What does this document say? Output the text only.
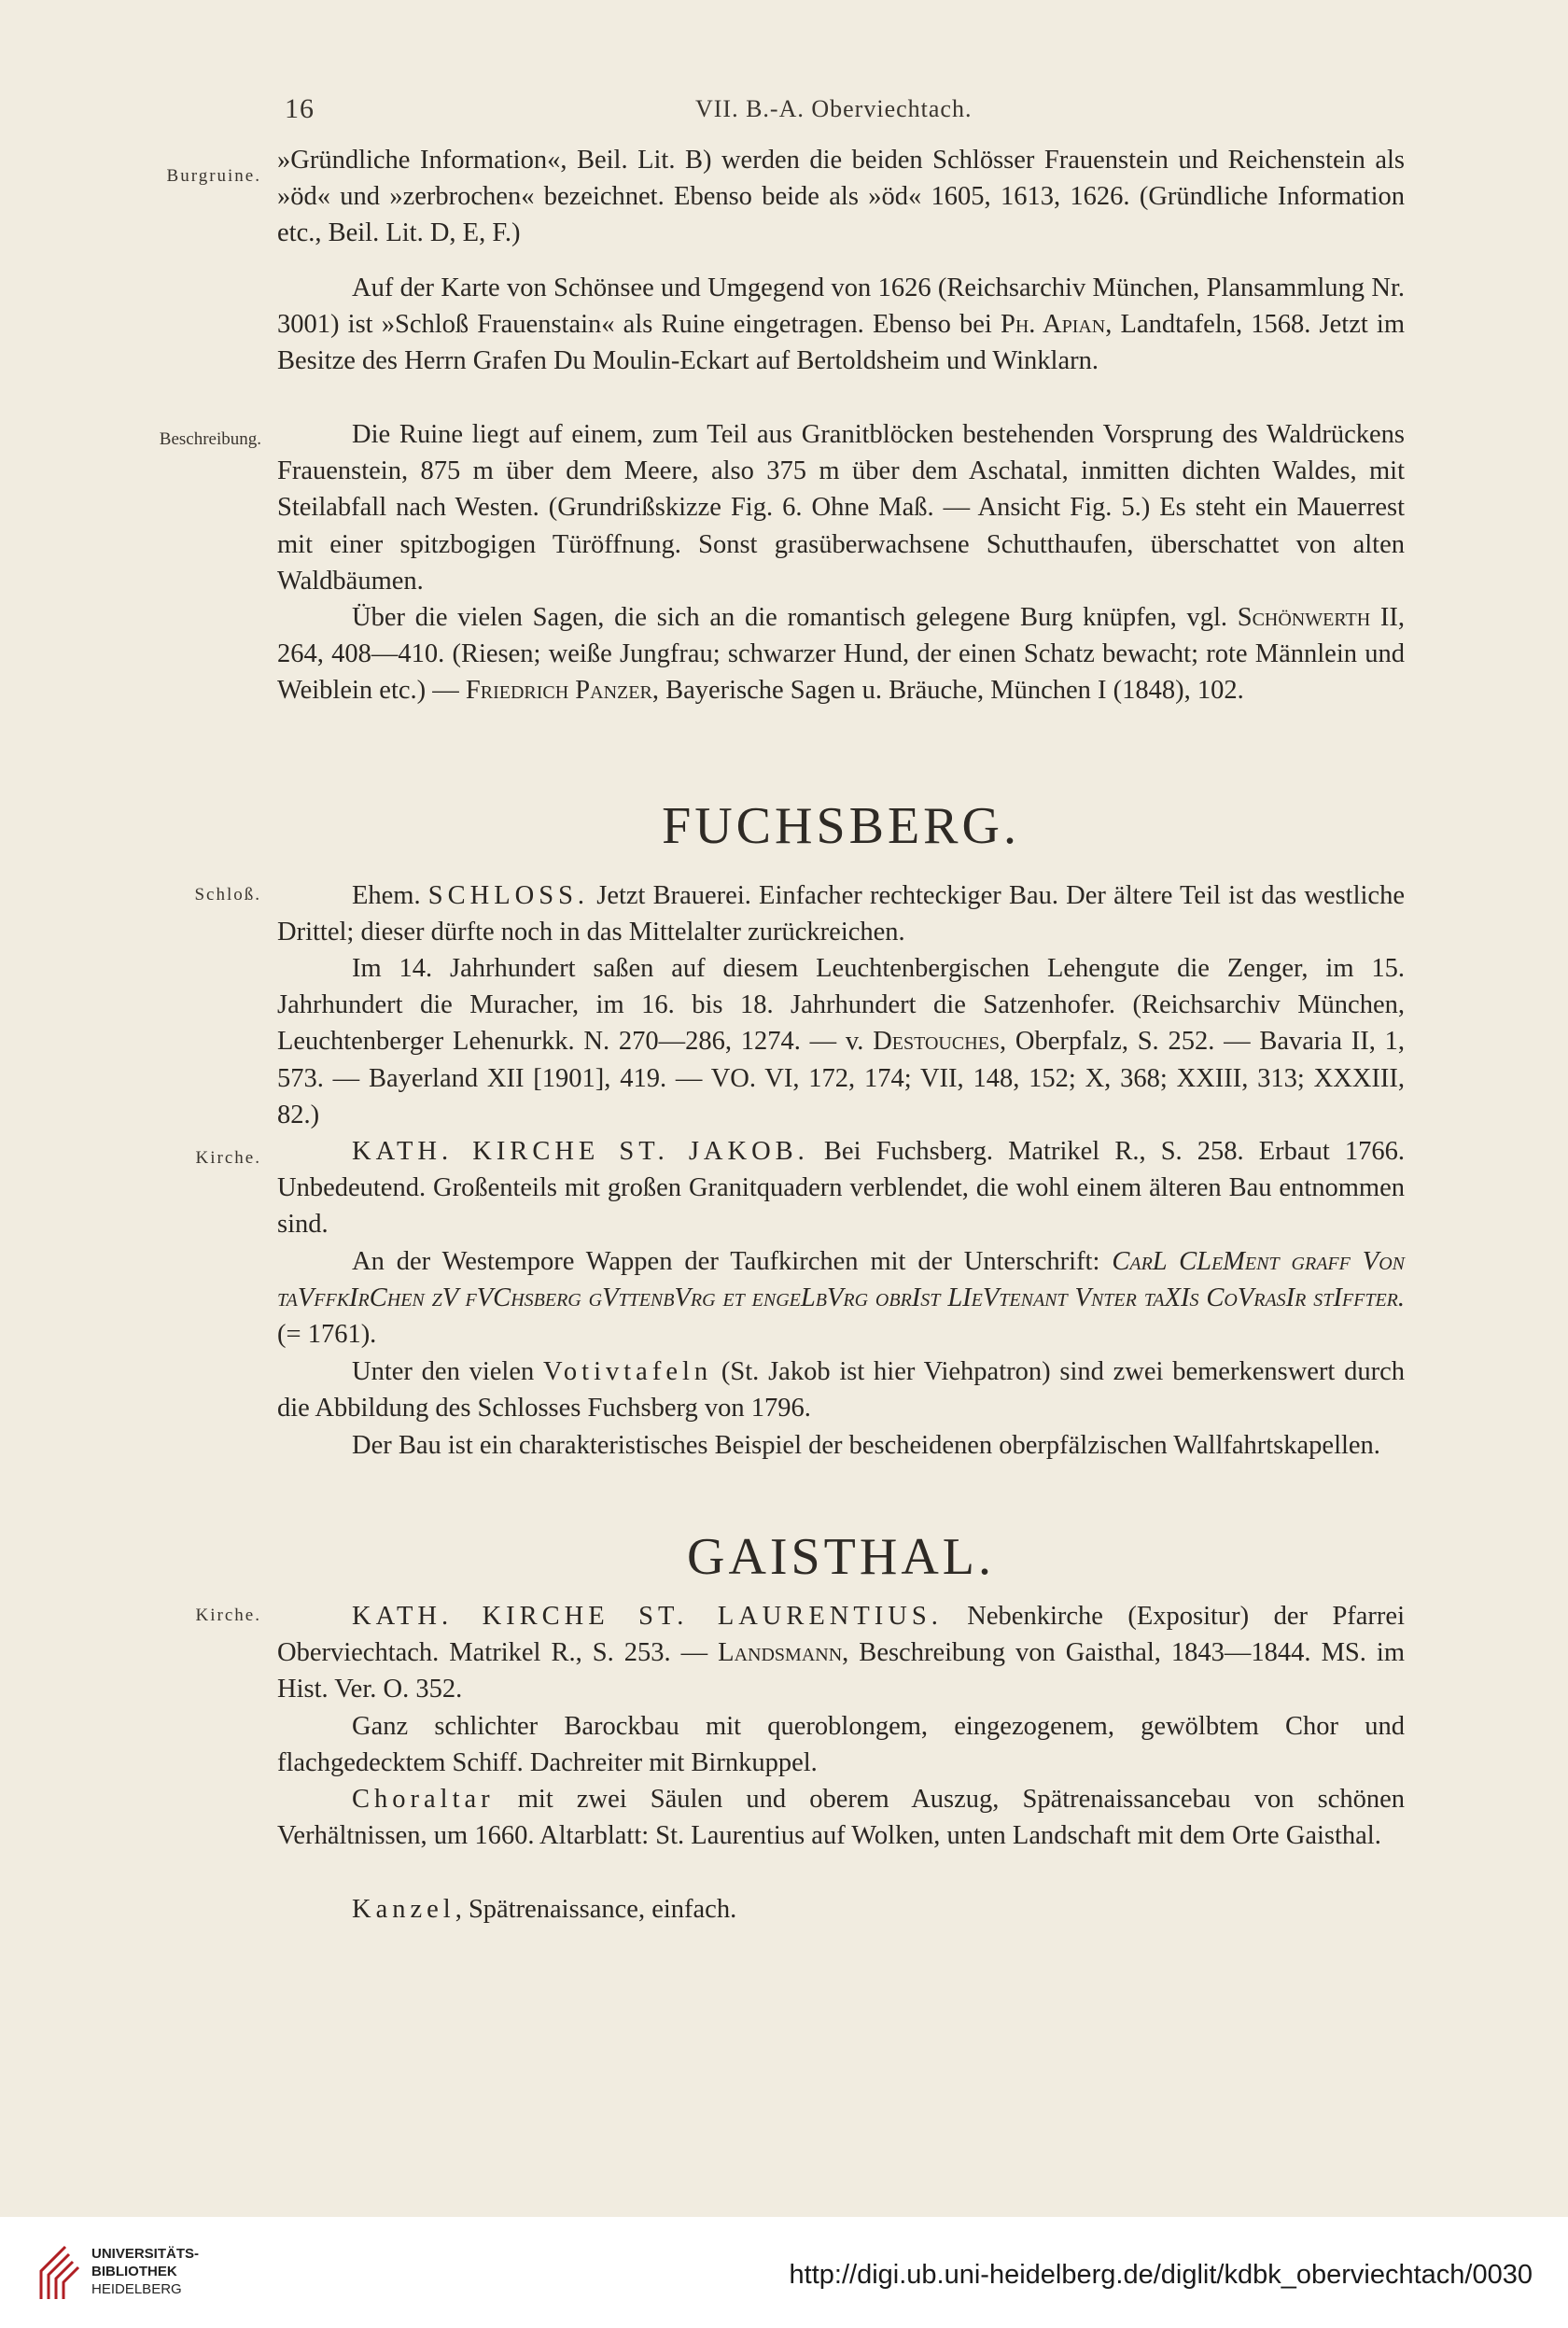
16	VII. B.-A. Oberviechtach.
Burgruine.
Beschreibung.
Schloß.
Kirche.
Kirche.

»Gründliche Information«, Beil. Lit. B) werden die beiden Schlösser Frauenstein und Reichenstein als »öd« und »zerbrochen« bezeichnet. Ebenso beide als »öd« 1605, 1613, 1626. (Gründliche Information etc., Beil. Lit. D, E, F.)

Auf der Karte von Schönsee und Umgegend von 1626 (Reichsarchiv München, Plansammlung Nr. 3001) ist »Schloß Frauenstain« als Ruine eingetragen. Ebenso bei Ph. Apian, Landtafeln, 1568. Jetzt im Besitze des Herrn Grafen Du Moulin-Eckart auf Bertoldsheim und Winklarn.

Die Ruine liegt auf einem, zum Teil aus Granitblöcken bestehenden Vorsprung des Waldrückens Frauenstein, 875 m über dem Meere, also 375 m über dem Aschatal, inmitten dichten Waldes, mit Steilabfall nach Westen. (Grundrißskizze Fig. 6. Ohne Maß. — Ansicht Fig. 5.) Es steht ein Mauerrest mit einer spitzbogigen Türöffnung. Sonst grasüberwachsene Schutthaufen, überschattet von alten Waldbäumen.

Über die vielen Sagen, die sich an die romantisch gelegene Burg knüpfen, vgl. Schönwerth II, 264, 408—410. (Riesen; weiße Jungfrau; schwarzer Hund, der einen Schatz bewacht; rote Männlein und Weiblein etc.) — Friedrich Panzer, Bayerische Sagen u. Bräuche, München I (1848), 102.

FUCHSBERG.

Ehem. SCHLOSS. Jetzt Brauerei. Einfacher rechteckiger Bau. Der ältere Teil ist das westliche Drittel; dieser dürfte noch in das Mittelalter zurückreichen.

Im 14. Jahrhundert saßen auf diesem Leuchtenbergischen Lehengute die Zenger, im 15. Jahrhundert die Muracher, im 16. bis 18. Jahrhundert die Satzenhofer. (Reichsarchiv München, Leuchtenberger Lehenurkk. N. 270—286, 1274. — v. Destouches, Oberpfalz, S. 252. — Bavaria II, 1, 573. — Bayerland XII [1901], 419. — VO. VI, 172, 174; VII, 148, 152; X, 368; XXIII, 313; XXXIII, 82.)

KATH. KIRCHE ST. JAKOB. Bei Fuchsberg. Matrikel R., S. 258. Erbaut 1766. Unbedeutend. Großenteils mit großen Granitquadern verblendet, die wohl einem älteren Bau entnommen sind.

An der Westempore Wappen der Taufkirchen mit der Unterschrift: CarL CLeMent graff Von taVffkIrChen zV fVChsberg gVttenbVrg et engeLbVrg obrIst LIeVtenant Vnter taXIs CoVrasIr stIffter. (= 1761).

Unter den vielen Votivtafeln (St. Jakob ist hier Viehpatron) sind zwei bemerkenswert durch die Abbildung des Schlosses Fuchsberg von 1796.

Der Bau ist ein charakteristisches Beispiel der bescheidenen oberpfälzischen Wallfahrtskapellen.

GAISTHAL.

KATH. KIRCHE ST. LAURENTIUS. Nebenkirche (Expositur) der Pfarrei Oberviechtach. Matrikel R., S. 253. — Landsmann, Beschreibung von Gaisthal, 1843—1844. MS. im Hist. Ver. O. 352.

Ganz schlichter Barockbau mit queroblongem, eingezogenem, gewölbtem Chor und flachgedecktem Schiff. Dachreiter mit Birnkuppel.

Choraltar mit zwei Säulen und oberem Auszug, Spätrenaissancebau von schönen Verhältnissen, um 1660. Altarblatt: St. Laurentius auf Wolken, unten Landschaft mit dem Orte Gaisthal.

Kanzel, Spätrenaissance, einfach.

UNIVERSITÄTS-
BIBLIOTHEK
HEIDELBERG	http://digi.ub.uni-heidelberg.de/diglit/kdbk_oberviechtach/0030
